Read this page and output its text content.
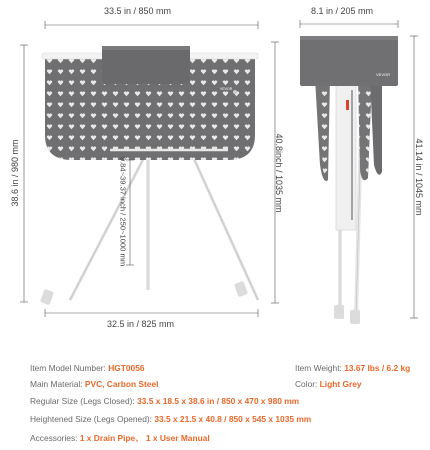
VEVOR
VEVOR
33.5 in / 850 mm
32.5 in / 825 mm
38.6 in / 980 mm	9.84~39.37 inch / 250~1000 mm	40.8inch / 1035 mm
8.1 in / 205 mm
41.14 in / 1045 mm
Item Model Number: HGT0056	Item Weight: 13.67 lbs / 6.2 kg
Main Material: PVC, Carbon Steel	Color: Light Grey
Regular Size (Legs Closed): 33.5 x 18.5 x 38.6 in / 850 x 470 x 980 mm
Heightened Size (Legs Opened): 33.5 x 21.5 x 40.8 / 850 x 545 x 1035 mm
Accessories: 1 x Drain Pipe、 1 x User Manual
